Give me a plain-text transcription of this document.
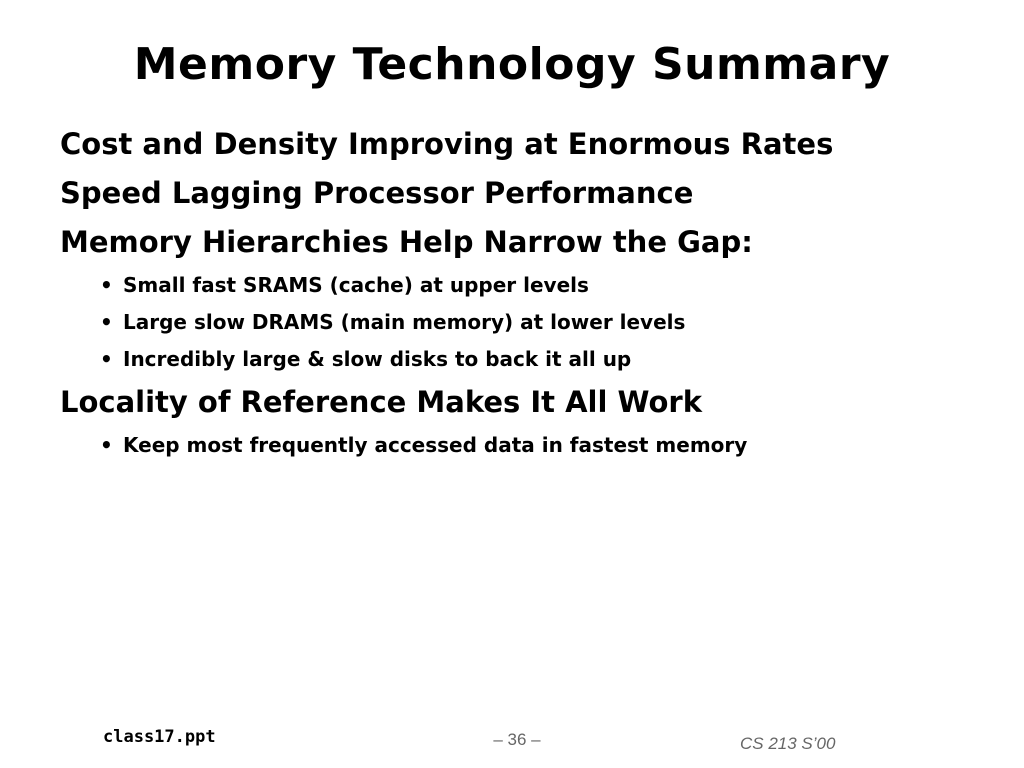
Memory Technology Summary
Cost and Density Improving at Enormous Rates
Speed Lagging Processor Performance
Memory Hierarchies Help Narrow the Gap:
• Small fast SRAMS (cache) at upper levels
• Large slow DRAMS (main memory) at lower levels
• Incredibly large & slow disks to back it all up
Locality of Reference Makes It All Work
• Keep most frequently accessed data in fastest memory
class17.ppt	– 36 –	CS 213 S’00
